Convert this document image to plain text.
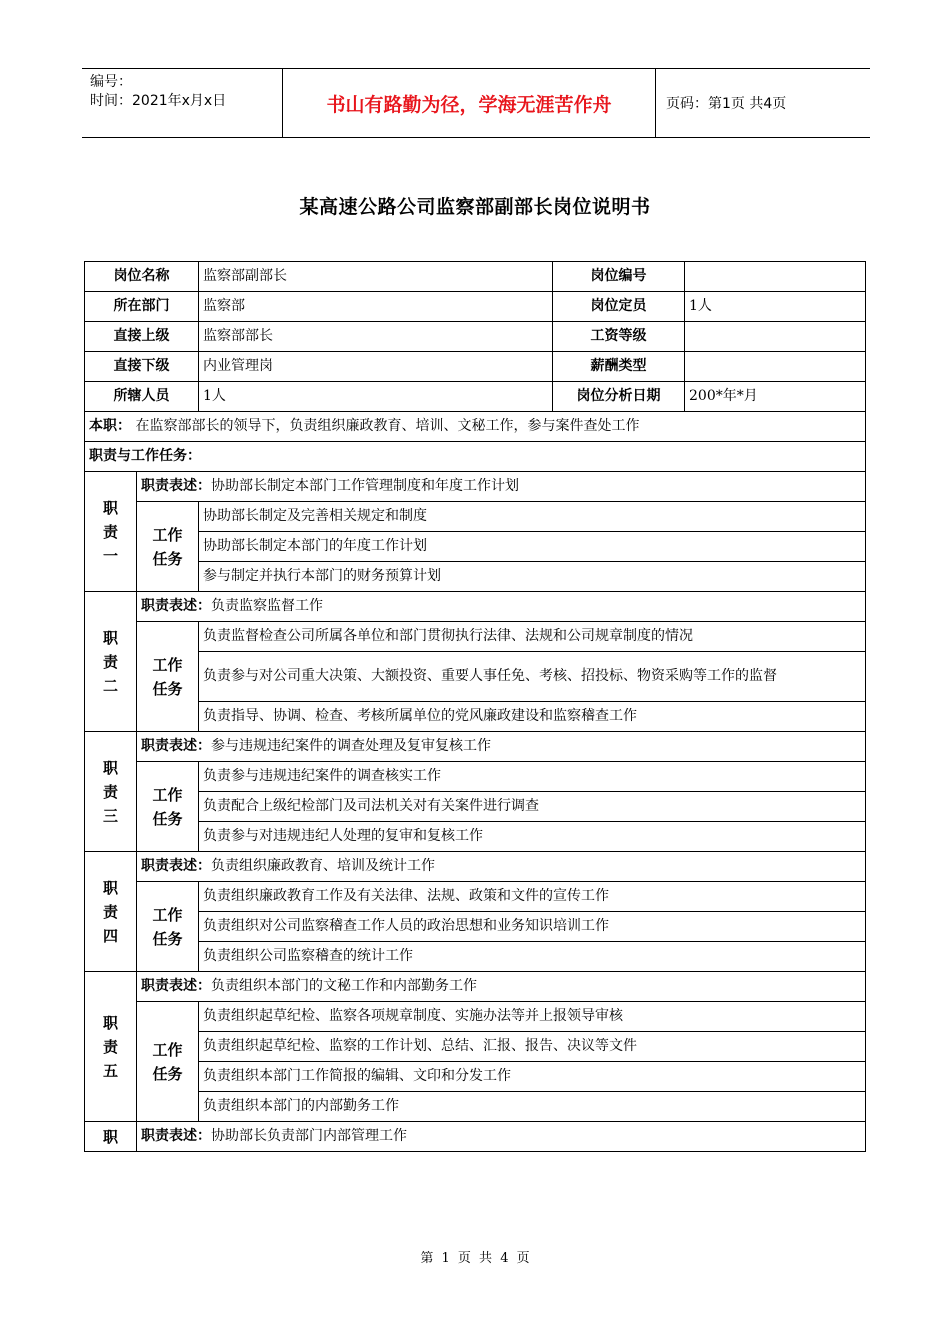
编号：
时间：2021年x月x日	书山有路勤为径，学海无涯苦作舟	页码：第1页 共4页
某高速公路公司监察部副部长岗位说明书
岗位名称		监察部副部长	岗位编号	
所在部门		监察部	岗位定员	1人
直接上级		监察部部长	工资等级	
直接下级		内业管理岗	薪酬类型	
所辖人员		1人	岗位分析日期	200*年*月
本职： 在监察部部长的领导下，负责组织廉政教育、培训、文秘工作，参与案件查处工作				
职责与工作任务：				

职
责
一	职责表述：协助部长制定本部门工作管理制度和年度工作计划			

	工作
任务	协助部长制定及完善相关规定和制度		
		协助部长制定本部门的年度工作计划		
		参与制定并执行本部门的财务预算计划		

职
责
二	职责表述：负责监察监督工作			

	工作
任务	负责监督检查公司所属各单位和部门贯彻执行法律、法规和公司规章制度的情况		
		负责参与对公司重大决策、大额投资、重要人事任免、考核、招投标、物资采购等工作的监督		
		负责指导、协调、检查、考核所属单位的党风廉政建设和监察稽查工作		

职
责
三	职责表述：参与违规违纪案件的调查处理及复审复核工作			

	工作
任务	负责参与违规违纪案件的调查核实工作		
		负责配合上级纪检部门及司法机关对有关案件进行调查		
		负责参与对违规违纪人处理的复审和复核工作		

职
责
四	职责表述：负责组织廉政教育、培训及统计工作			

	工作
任务	负责组织廉政教育工作及有关法律、法规、政策和文件的宣传工作		
		负责组织对公司监察稽查工作人员的政治思想和业务知识培训工作		
		负责组织公司监察稽查的统计工作		

职
责
五	职责表述：负责组织本部门的文秘工作和内部勤务工作			

	工作
任务	负责组织起草纪检、监察各项规章制度、实施办法等并上报领导审核		
		负责组织起草纪检、监察的工作计划、总结、汇报、报告、决议等文件		
		负责组织本部门工作简报的编辑、文印和分发工作		
		负责组织本部门的内部勤务工作		

职	职责表述：协助部长负责部门内部管理工作			
第 1 页 共 4 页
